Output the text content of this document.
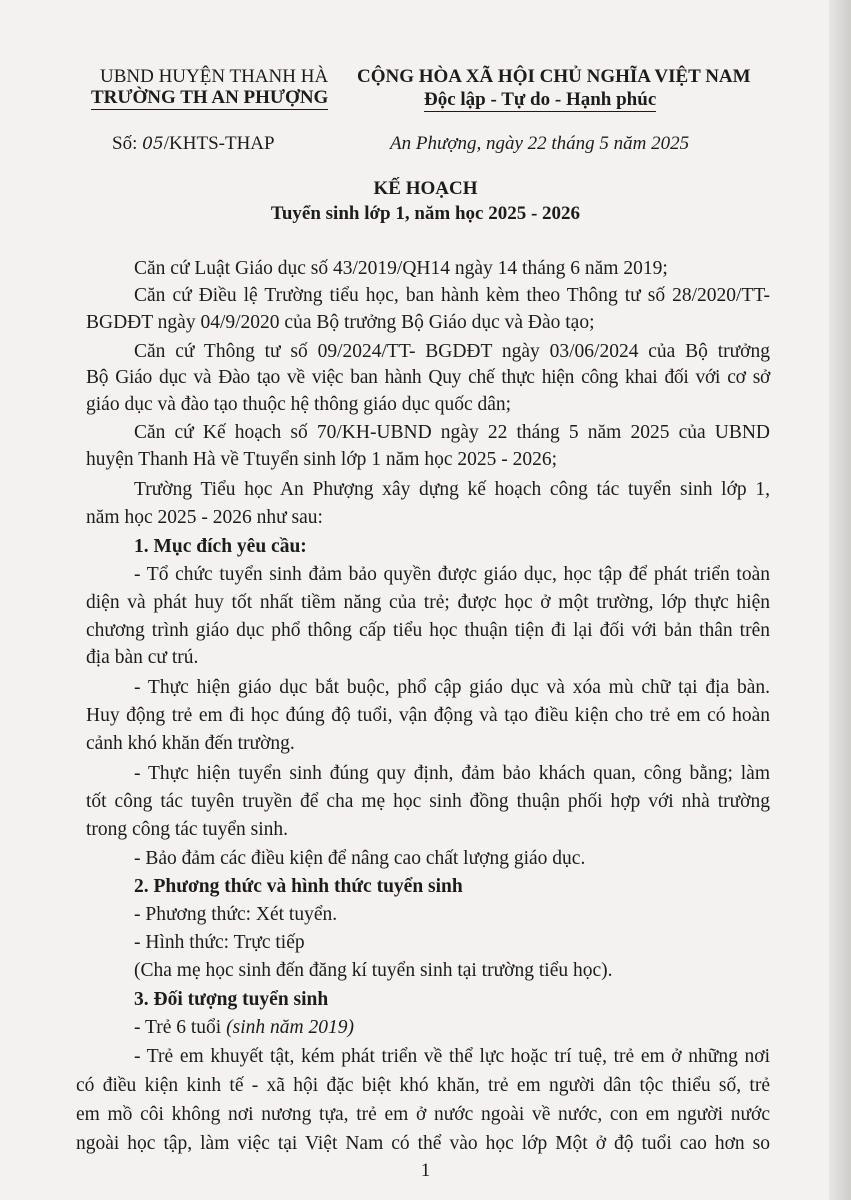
UBND HUYỆN THANH HÀ
TRƯỜNG TH AN PHƯỢNG
CỘNG HÒA XÃ HỘI CHỦ NGHĨA VIỆT NAM
Độc lập - Tự do - Hạnh phúc
Số: 05/KHTS-THAP	An Phượng, ngày 22 tháng 5 năm 2025
KẾ HOẠCH
Tuyển sinh lớp 1, năm học 2025 - 2026
Căn cứ Luật Giáo dục số 43/2019/QH14 ngày 14 tháng 6 năm 2019;
Căn cứ Điều lệ Trường tiểu học, ban hành kèm theo Thông tư số 28/2020/TT-
BGDĐT ngày 04/9/2020 của Bộ trưởng Bộ Giáo dục và Đào tạo;
Căn cứ Thông tư số 09/2024/TT- BGDĐT ngày 03/06/2024 của Bộ trưởng
Bộ Giáo dục và Đào tạo về việc ban hành Quy chế thực hiện công khai đối với cơ sở
giáo dục và đào tạo thuộc hệ thông giáo dục quốc dân;
Căn cứ Kế hoạch số 70/KH-UBND ngày 22 tháng 5 năm 2025 của UBND
huyện Thanh Hà về Ttuyển sinh lớp 1 năm học 2025 - 2026;
Trường Tiểu học An Phượng xây dựng kế hoạch công tác tuyển sinh lớp 1,
năm học 2025 - 2026 như sau:
1. Mục đích yêu cầu:
- Tổ chức tuyển sinh đảm bảo quyền được giáo dục, học tập để phát triển toàn
diện và phát huy tốt nhất tiềm năng của trẻ; được học ở một trường, lớp thực hiện
chương trình giáo dục phổ thông cấp tiểu học thuận tiện đi lại đối với bản thân trên
địa bàn cư trú.
- Thực hiện giáo dục bắt buộc, phổ cập giáo dục và xóa mù chữ tại địa bàn.
Huy động trẻ em đi học đúng độ tuổi, vận động và tạo điều kiện cho trẻ em có hoàn
cảnh khó khăn đến trường.
- Thực hiện tuyển sinh đúng quy định, đảm bảo khách quan, công bằng; làm
tốt công tác tuyên truyền để cha mẹ học sinh đồng thuận phối hợp với nhà trường
trong công tác tuyển sinh.
- Bảo đảm các điều kiện để nâng cao chất lượng giáo dục.
2. Phương thức và hình thức tuyển sinh
- Phương thức: Xét tuyển.
- Hình thức: Trực tiếp
(Cha mẹ học sinh đến đăng kí tuyển sinh tại trường tiểu học).
3. Đối tượng tuyển sinh
- Trẻ 6 tuổi (sinh năm 2019)
- Trẻ em khuyết tật, kém phát triển về thể lực hoặc trí tuệ, trẻ em ở những nơi
có điều kiện kinh tế - xã hội đặc biệt khó khăn, trẻ em người dân tộc thiểu số, trẻ
em mồ côi không nơi nương tựa, trẻ em ở nước ngoài về nước, con em người nước
ngoài học tập, làm việc tại Việt Nam có thể vào học lớp Một ở độ tuổi cao hơn so
1
